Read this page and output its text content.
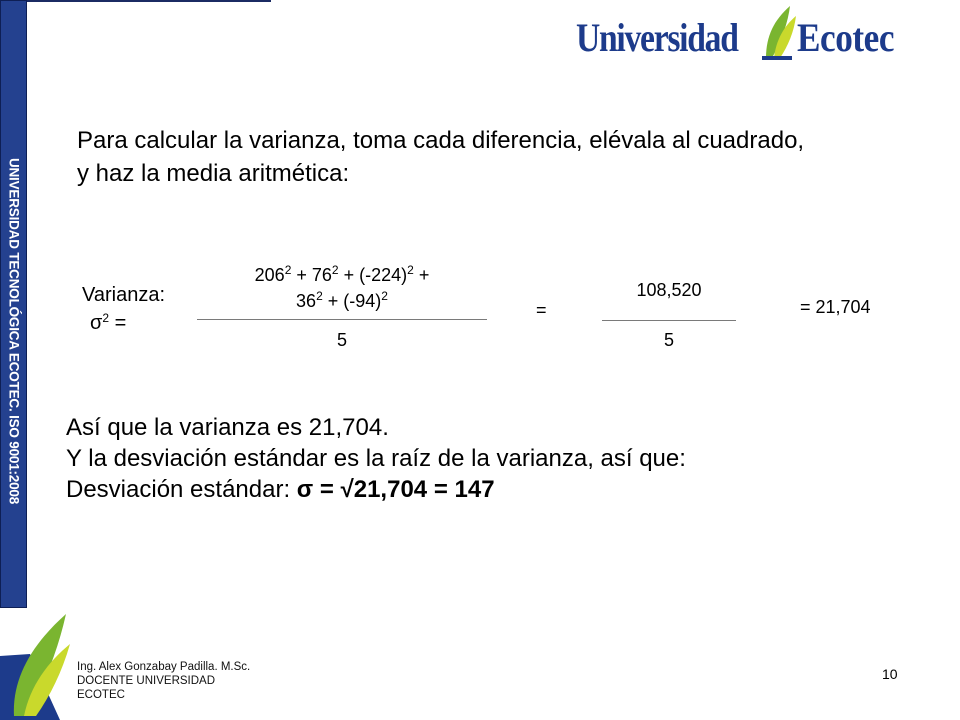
UNIVERSIDAD TECNOLÓGICA ECOTEC. ISO 9001:2008
Universidad Ecotec
Para calcular la varianza, toma cada diferencia, elévala al cuadrado,
y haz la media aritmética:
Varianza:
$\sigma^2$ =
$206^2 + 76^2 + (-224)^2$ +
$36^2 + (-94)^2$
5
=
108,520
5
= 21,704
Así que la varianza es 21,704.
Y la desviación estándar es la raíz de la varianza, así que:
Desviación estándar: σ = √21,704 = 147
Ing. Alex Gonzabay Padilla. M.Sc.
DOCENTE UNIVERSIDAD
ECOTEC
10
